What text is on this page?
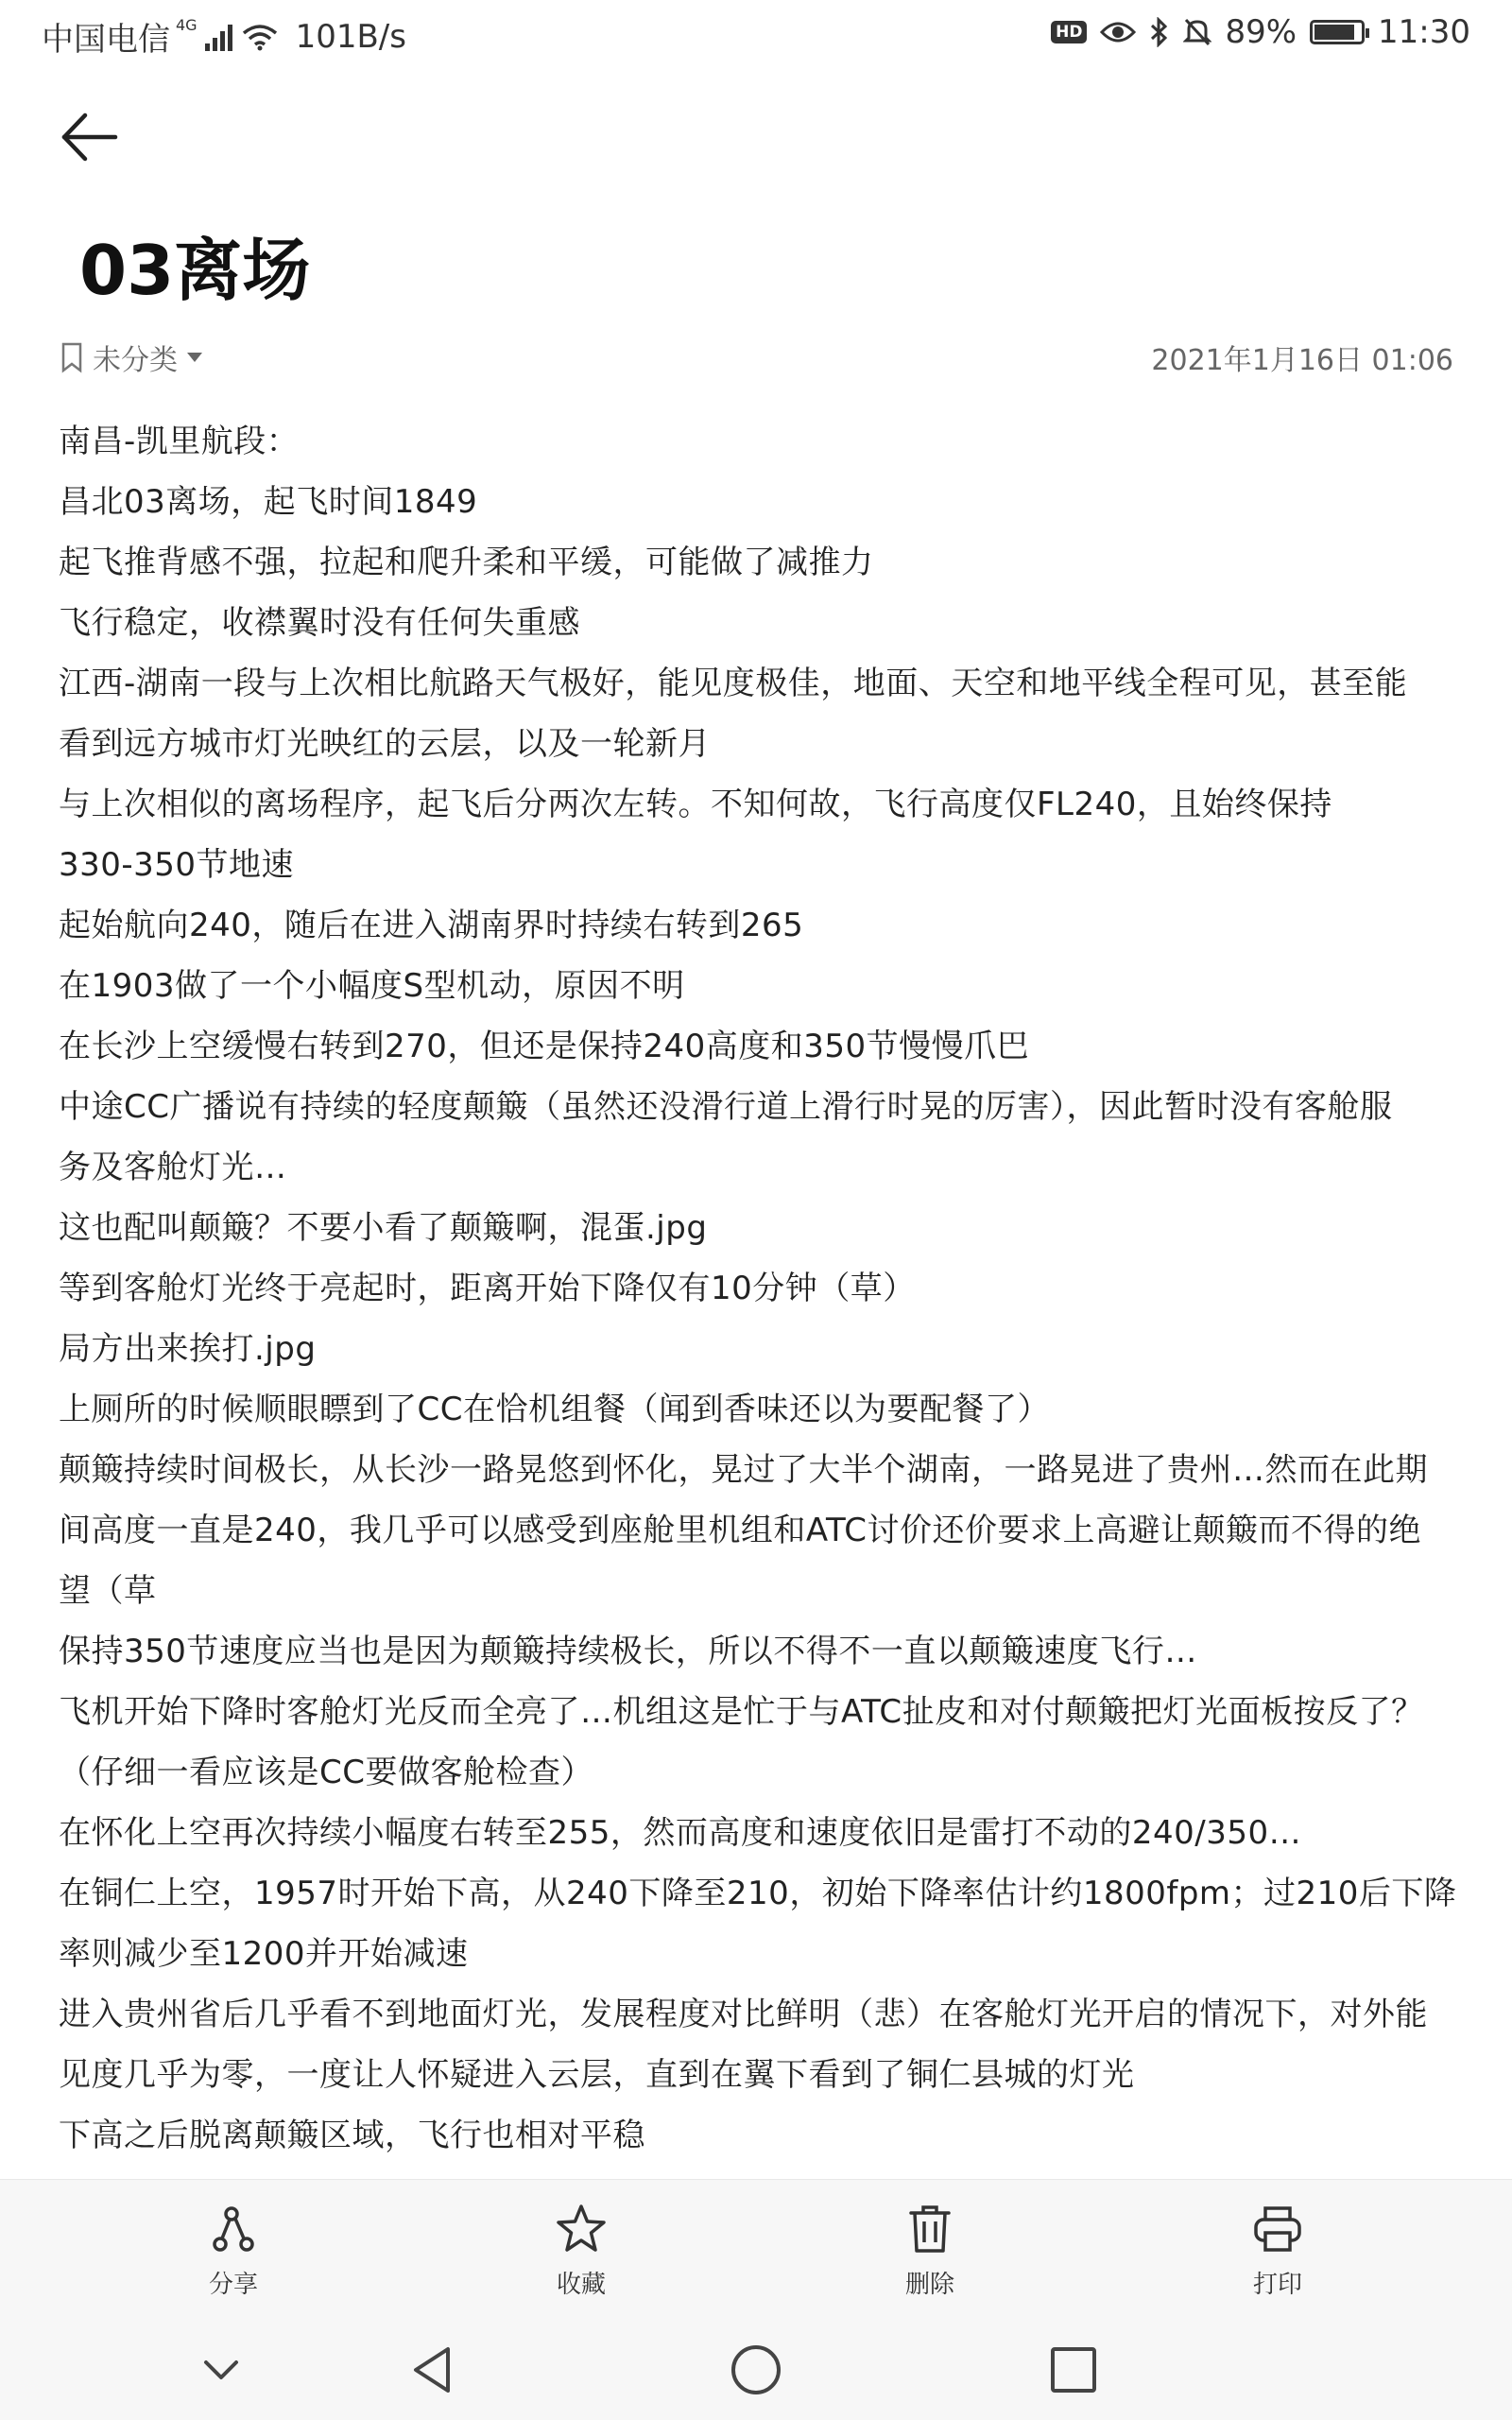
中国电信 4G	101B/s	HD	89%	11:30
03离场
未分类	2021年1月16日 01:06

南昌-凯里航段：

昌北03离场，起飞时间1849

起飞推背感不强，拉起和爬升柔和平缓，可能做了减推力

飞行稳定，收襟翼时没有任何失重感

江西-湖南一段与上次相比航路天气极好，能见度极佳，地面、天空和地平线全程可见，甚至能

看到远方城市灯光映红的云层，以及一轮新月

与上次相似的离场程序，起飞后分两次左转。不知何故，飞行高度仅FL240，且始终保持

330-350节地速

起始航向240，随后在进入湖南界时持续右转到265

在1903做了一个小幅度S型机动，原因不明

在长沙上空缓慢右转到270，但还是保持240高度和350节慢慢爪巴

中途CC广播说有持续的轻度颠簸（虽然还没滑行道上滑行时晃的厉害），因此暂时没有客舱服

务及客舱灯光…

这也配叫颠簸？不要小看了颠簸啊，混蛋.jpg

等到客舱灯光终于亮起时，距离开始下降仅有10分钟（草）

局方出来挨打.jpg

上厕所的时候顺眼瞟到了CC在恰机组餐（闻到香味还以为要配餐了）

颠簸持续时间极长，从长沙一路晃悠到怀化，晃过了大半个湖南，一路晃进了贵州…然而在此期

间高度一直是240，我几乎可以感受到座舱里机组和ATC讨价还价要求上高避让颠簸而不得的绝

望（草

保持350节速度应当也是因为颠簸持续极长，所以不得不一直以颠簸速度飞行…

飞机开始下降时客舱灯光反而全亮了…机组这是忙于与ATC扯皮和对付颠簸把灯光面板按反了？

（仔细一看应该是CC要做客舱检查）

在怀化上空再次持续小幅度右转至255，然而高度和速度依旧是雷打不动的240/350…

在铜仁上空，1957时开始下高，从240下降至210，初始下降率估计约1800fpm；过210后下降

率则减少至1200并开始减速

进入贵州省后几乎看不到地面灯光，发展程度对比鲜明（悲）在客舱灯光开启的情况下，对外能

见度几乎为零，一度让人怀疑进入云层，直到在翼下看到了铜仁县城的灯光

下高之后脱离颠簸区域，飞行也相对平稳

分享	收藏	删除	打印
